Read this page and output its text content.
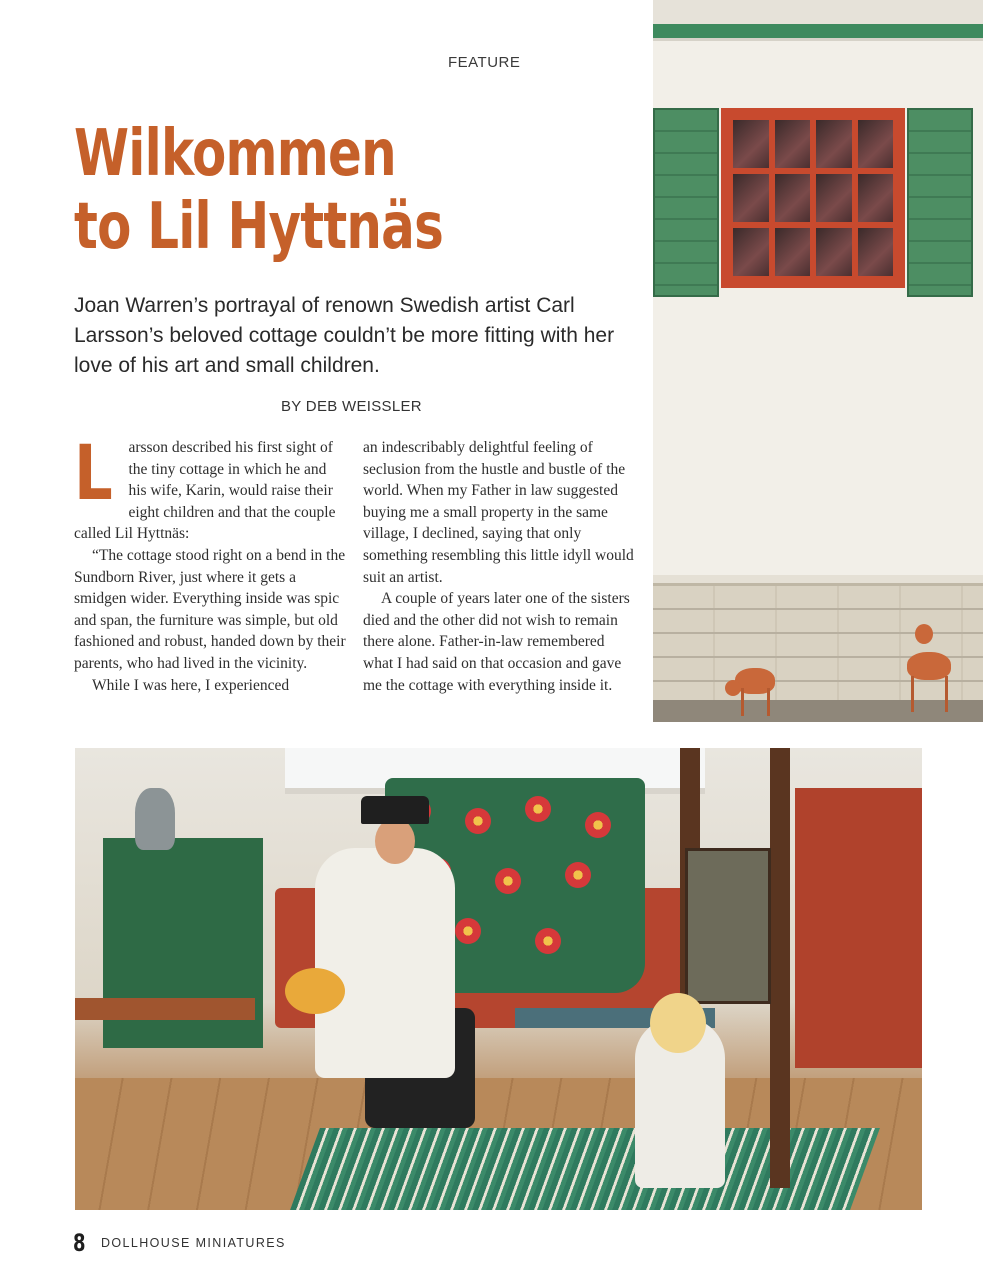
FEATURE
Wilkommen
to Lil Hyttnäs
Joan Warren’s portrayal of renown Swedish artist Carl Larsson’s beloved cottage couldn’t be more fitting with her love of his art and small children.
BY DEB WEISSLER

L arsson described his first sight of the tiny cottage in which he and his wife, Karin, would raise their eight children and that the couple called Lil Hyttnäs:

“The cottage stood right on a bend in the Sundborn River, just where it gets a smidgen wider. Everything inside was spic and span, the furniture was simple, but old fashioned and robust, handed down by their parents, who had lived in the vicinity.

While I was here, I experienced

an indescribably delightful feeling of seclusion from the hustle and bustle of the world. When my Father in law suggested buying me a small property in the same village, I declined, saying that only something resembling this little idyll would suit an artist.

A couple of years later one of the sisters died and the other did not wish to remain there alone. Father-in-law remembered what I had said on that occasion and gave me the cottage with everything inside it.

8 DOLLHOUSE MINIATURES
